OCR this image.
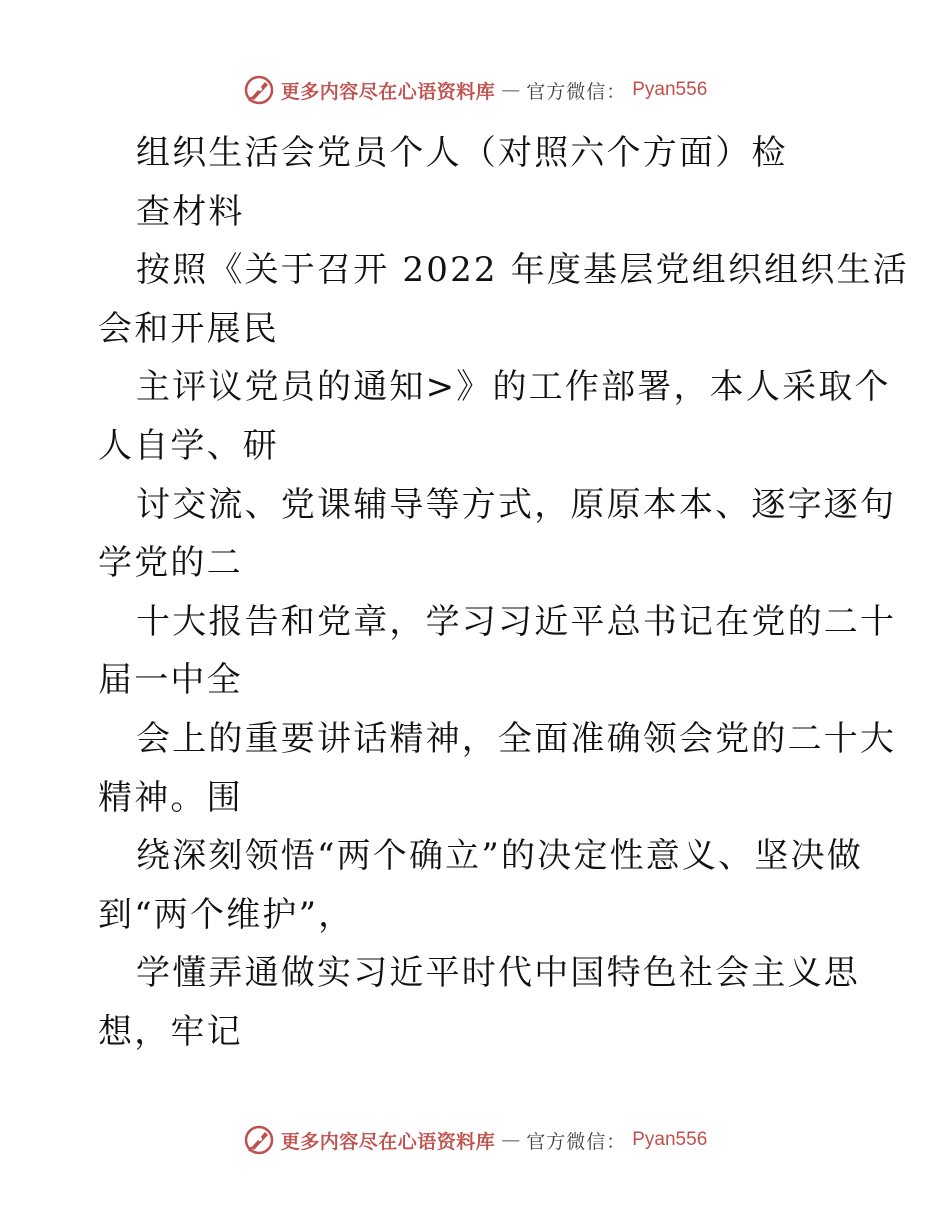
更多内容尽在心语资料库 — 官方微信： Pyan556
组织生活会党员个人（对照六个方面）检
查材料
按照《关于召开 2022 年度基层党组织组织生活
会和开展民
主评议党员的通知>》的工作部署，本人采取个
人自学、研
讨交流、党课辅导等方式，原原本本、逐字逐句
学党的二
十大报告和党章，学习习近平总书记在党的二十
届一中全
会上的重要讲话精神，全面准确领会党的二十大
精神。围
绕深刻领悟“两个确立”的决定性意义、坚决做
到“两个维护”，
学懂弄通做实习近平时代中国特色社会主义思
想，牢记
更多内容尽在心语资料库 — 官方微信： Pyan556
